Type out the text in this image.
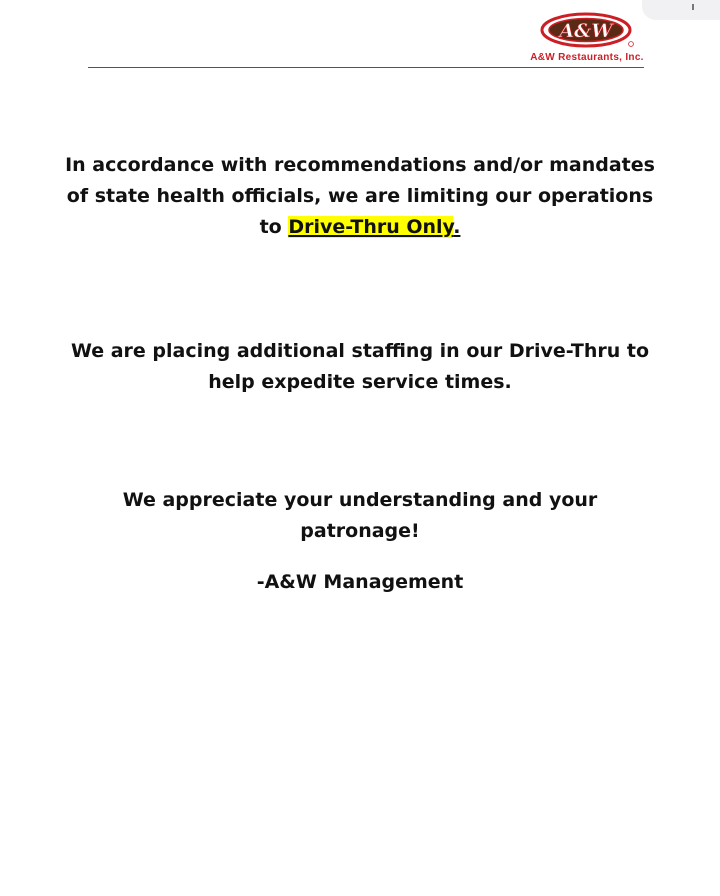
A&W
A&W Restaurants, Inc.
In accordance with recommendations and/or mandates
of state health officials, we are limiting our operations
to Drive-Thru Only.
We are placing additional staffing in our Drive-Thru to
help expedite service times.
We appreciate your understanding and your patronage!
-A&W Management
